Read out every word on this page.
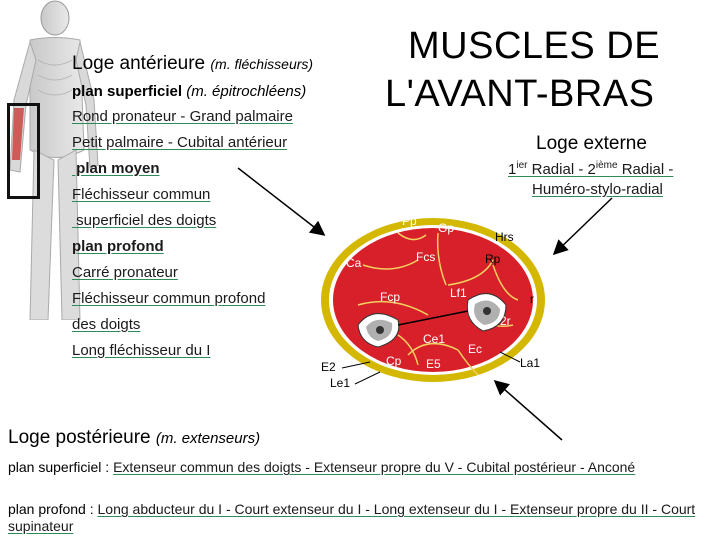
MUSCLES DE
L'AVANT-BRAS
Loge antérieure (m. fléchisseurs)
plan superficiel (m. épitrochléens)
Rond pronateur - Grand palmaire
Petit palmaire - Cubital antérieur
plan moyen
Fléchisseur commun
superficiel des doigts
plan profond
Carré pronateur
Fléchisseur commun profond
des doigts
Long fléchisseur du I
Loge externe
$1^{ier}$ Radial - 2ième Radial -
Huméro-stylo-radial
Pp Gp
Hrs
Rp
Ca	Fcs
Fcp	Lf1	r
2r
Ce1
Ec
Cp E5
E2
Le1
La1
Loge postérieure (m. extenseurs)
plan superficiel : Extenseur commun des doigts - Extenseur propre du V - Cubital postérieur - Anconé
plan profond : Long abducteur du I - Court extenseur du I - Long extenseur du I - Extenseur propre du II - Court supinateur
